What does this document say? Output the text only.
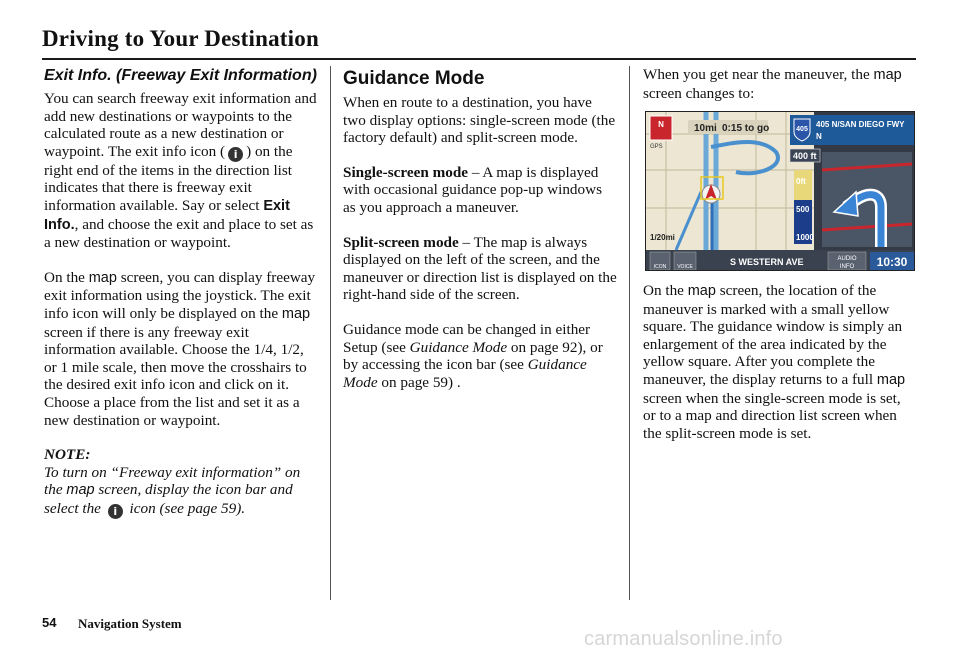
Driving to Your Destination
Exit Info. (Freeway Exit Information)

You can search freeway exit information and add new destinations or waypoints to the calculated route as a new destination or waypoint. The exit info icon ( i ) on the right end of the items in the direction list indicates that there is freeway exit information available. Say or select Exit Info., and choose the exit and place to set as a new destination or waypoint.

On the map screen, you can display freeway exit information using the joystick. The exit info icon will only be displayed on the map screen if there is any freeway exit information available. Choose the 1/4, 1/2, or 1 mile scale, then move the crosshairs to the desired exit info icon and click on it. Choose a place from the list and set it as a new destination or waypoint.

NOTE:
To turn on “Freeway exit information” on the map screen, display the icon bar and select the i icon (see page 59).
Guidance Mode

When en route to a destination, you have two display options: single-screen mode (the factory default) and split-screen mode.

Single-screen mode – A map is displayed with occasional guidance pop-up windows as you approach a maneuver.

Split-screen mode – The map is always displayed on the left of the screen, and the maneuver or direction list is displayed on the right-hand side of the screen.

Guidance mode can be changed in either Setup (see Guidance Mode on page 92), or by accessing the icon bar (see Guidance Mode on page 59) .

When you get near the maneuver, the map screen changes to:

On the map screen, the location of the maneuver is marked with a small yellow square. The guidance window is simply an enlargement of the area indicated by the yellow square. After you complete the maneuver, the display returns to a full map screen when the single-screen mode is set, or to a map and direction list screen when the split-screen mode is set.

N
GPS
10mi 0:15 to go
1/20mi
405
405 N/SAN DIEGO FWY
N
400 ft
0ft
500
1000
ICON VOICE	S WESTERN AVE	AUDIO
INFO 10:30
54 Navigation System
carmanualsonline.info
